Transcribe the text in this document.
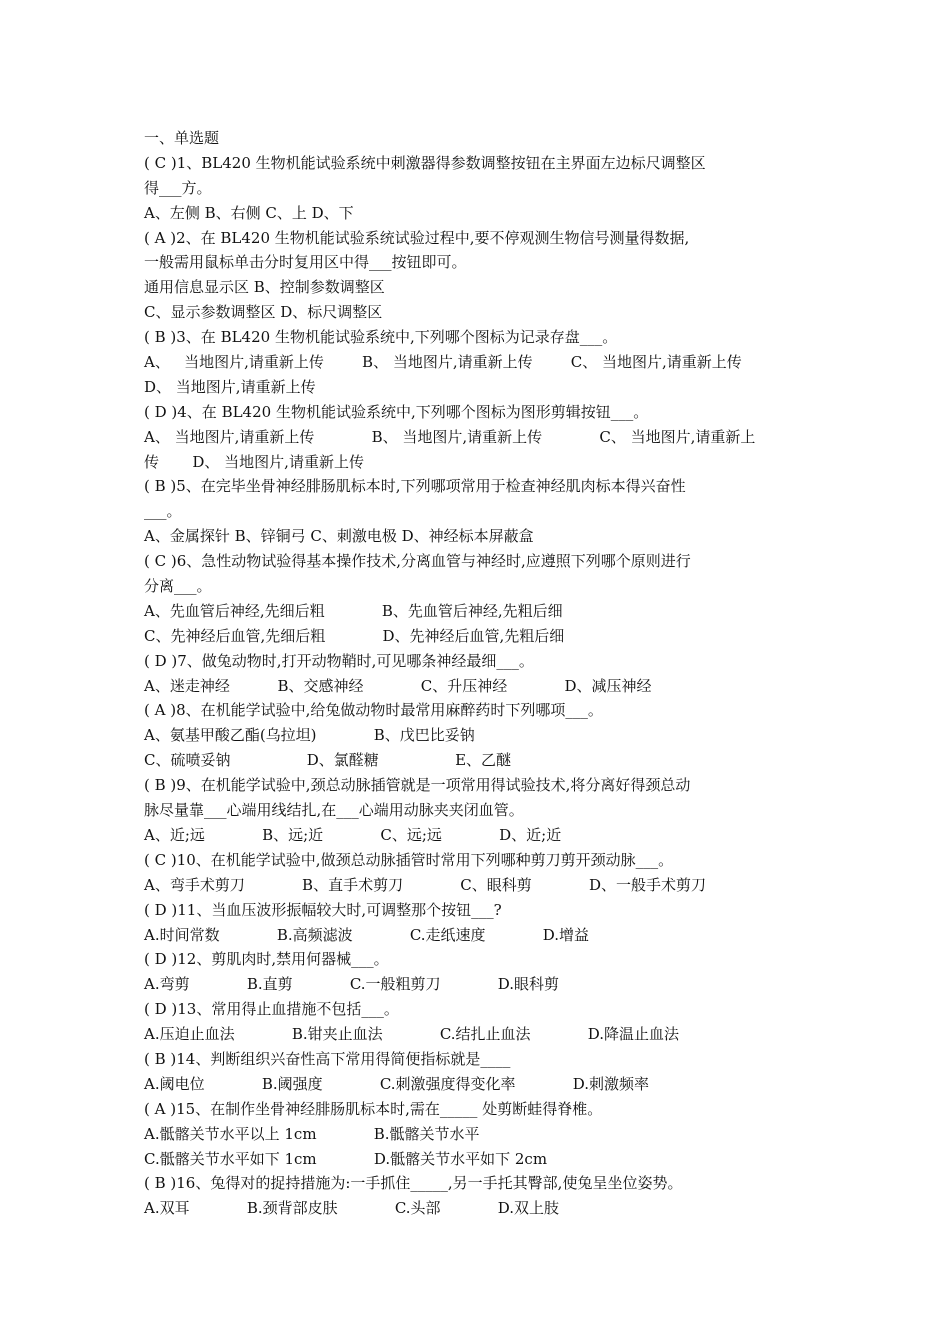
一、单选题
( C )1、BL420 生物机能试验系统中刺激器得参数调整按钮在主界面左边标尺调整区
得___方。
A、左侧 B、右侧 C、上 D、下
( A )2、在 BL420 生物机能试验系统试验过程中,要不停观测生物信号测量得数据,
一般需用鼠标单击分时复用区中得___按钮即可。
通用信息显示区 B、控制参数调整区
C、显示参数调整区 D、标尺调整区
( B )3、在 BL420 生物机能试验系统中,下列哪个图标为记录存盘___。
A、   当地图片,请重新上传        B、 当地图片,请重新上传        C、 当地图片,请重新上传
D、 当地图片,请重新上传
( D )4、在 BL420 生物机能试验系统中,下列哪个图标为图形剪辑按钮___。
A、 当地图片,请重新上传            B、 当地图片,请重新上传            C、 当地图片,请重新上
传       D、 当地图片,请重新上传
( B )5、在完毕坐骨神经腓肠肌标本时,下列哪项常用于检查神经肌肉标本得兴奋性
___。
A、金属探针 B、锌铜弓 C、刺激电极 D、神经标本屏蔽盒
( C )6、急性动物试验得基本操作技术,分离血管与神经时,应遵照下列哪个原则进行
分离___。
A、先血管后神经,先细后粗            B、先血管后神经,先粗后细
C、先神经后血管,先细后粗            D、先神经后血管,先粗后细
( D )7、做兔动物时,打开动物鞘时,可见哪条神经最细___。
A、迷走神经          B、交感神经            C、升压神经            D、减压神经
( A )8、在机能学试验中,给兔做动物时最常用麻醉药时下列哪项___。
A、氨基甲酸乙酯(乌拉坦)            B、戊巴比妥钠
C、硫喷妥钠                D、氯醛糖                E、乙醚
( B )9、在机能学试验中,颈总动脉插管就是一项常用得试验技术,将分离好得颈总动
脉尽量靠___心端用线结扎,在___心端用动脉夹夹闭血管。
A、近;远            B、远;近            C、远;远            D、近;近
( C )10、在机能学试验中,做颈总动脉插管时常用下列哪种剪刀剪开颈动脉___。
A、弯手术剪刀            B、直手术剪刀            C、眼科剪            D、一般手术剪刀
( D )11、当血压波形振幅较大时,可调整那个按钮___?
A.时间常数            B.高频滤波            C.走纸速度            D.增益
( D )12、剪肌肉时,禁用何器械___。
A.弯剪            B.直剪            C.一般粗剪刀            D.眼科剪
( D )13、常用得止血措施不包括___。
A.压迫止血法            B.钳夹止血法            C.结扎止血法            D.降温止血法
( B )14、判断组织兴奋性高下常用得简便指标就是____
A.阈电位            B.阈强度            C.刺激强度得变化率            D.刺激频率
( A )15、在制作坐骨神经腓肠肌标本时,需在_____ 处剪断蛙得脊椎。
A.骶髂关节水平以上 1cm            B.骶髂关节水平
C.骶髂关节水平如下 1cm            D.骶髂关节水平如下 2cm
( B )16、兔得对的捉持措施为:一手抓住_____,另一手托其臀部,使兔呈坐位姿势。
A.双耳            B.颈背部皮肤            C.头部            D.双上肢
